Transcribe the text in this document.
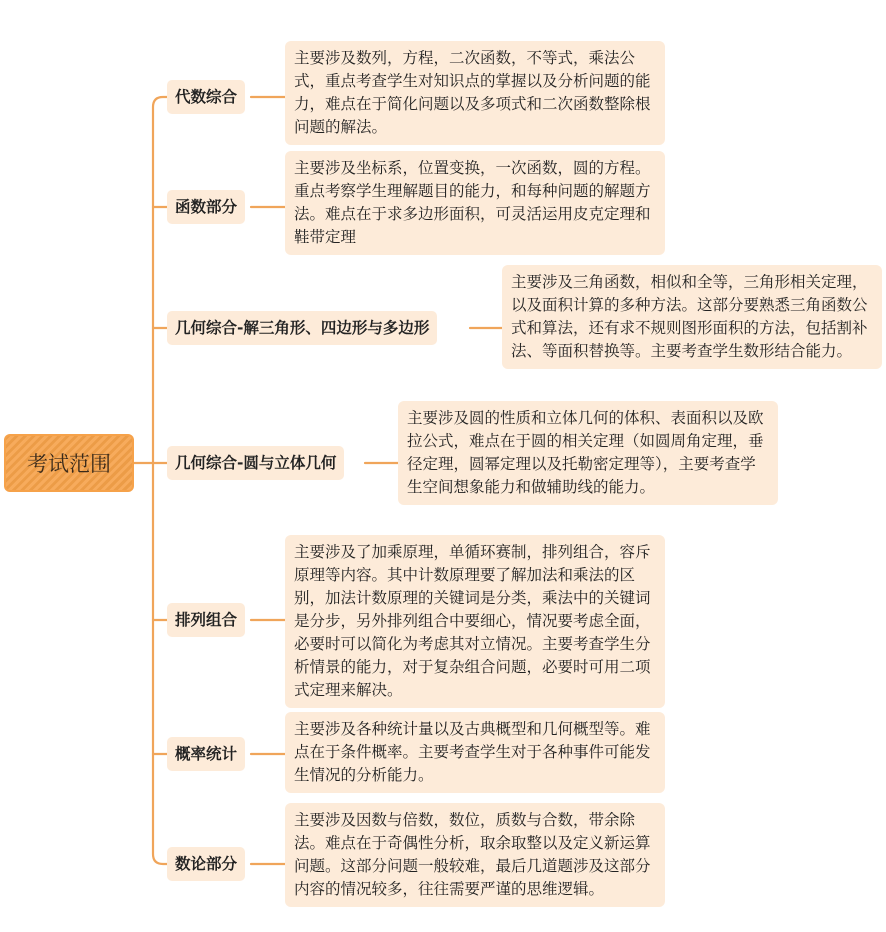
考试范围
代数综合
主要涉及数列，方程，二次函数，不等式，乘法公式，重点考查学生对知识点的掌握以及分析问题的能力，难点在于简化问题以及多项式和二次函数整除根问题的解法。
函数部分
主要涉及坐标系，位置变换，一次函数，圆的方程。重点考察学生理解题目的能力，和每种问题的解题方法。难点在于求多边形面积，可灵活运用皮克定理和鞋带定理
几何综合-解三角形、四边形与多边形
主要涉及三角函数，相似和全等，三角形相关定理，以及面积计算的多种方法。这部分要熟悉三角函数公式和算法，还有求不规则图形面积的方法，包括割补法、等面积替换等。主要考查学生数形结合能力。
几何综合-圆与立体几何
主要涉及圆的性质和立体几何的体积、表面积以及欧拉公式，难点在于圆的相关定理（如圆周角定理，垂径定理，圆幂定理以及托勒密定理等），主要考查学生空间想象能力和做辅助线的能力。
排列组合
主要涉及了加乘原理，单循环赛制，排列组合，容斥原理等内容。其中计数原理要了解加法和乘法的区别，加法计数原理的关键词是分类，乘法中的关键词是分步，另外排列组合中要细心，情况要考虑全面，必要时可以简化为考虑其对立情况。主要考查学生分析情景的能力，对于复杂组合问题，必要时可用二项式定理来解决。
概率统计
主要涉及各种统计量以及古典概型和几何概型等。难点在于条件概率。主要考查学生对于各种事件可能发生情况的分析能力。
数论部分
主要涉及因数与倍数，数位，质数与合数，带余除法。难点在于奇偶性分析，取余取整以及定义新运算问题。这部分问题一般较难，最后几道题涉及这部分内容的情况较多，往往需要严谨的思维逻辑。
